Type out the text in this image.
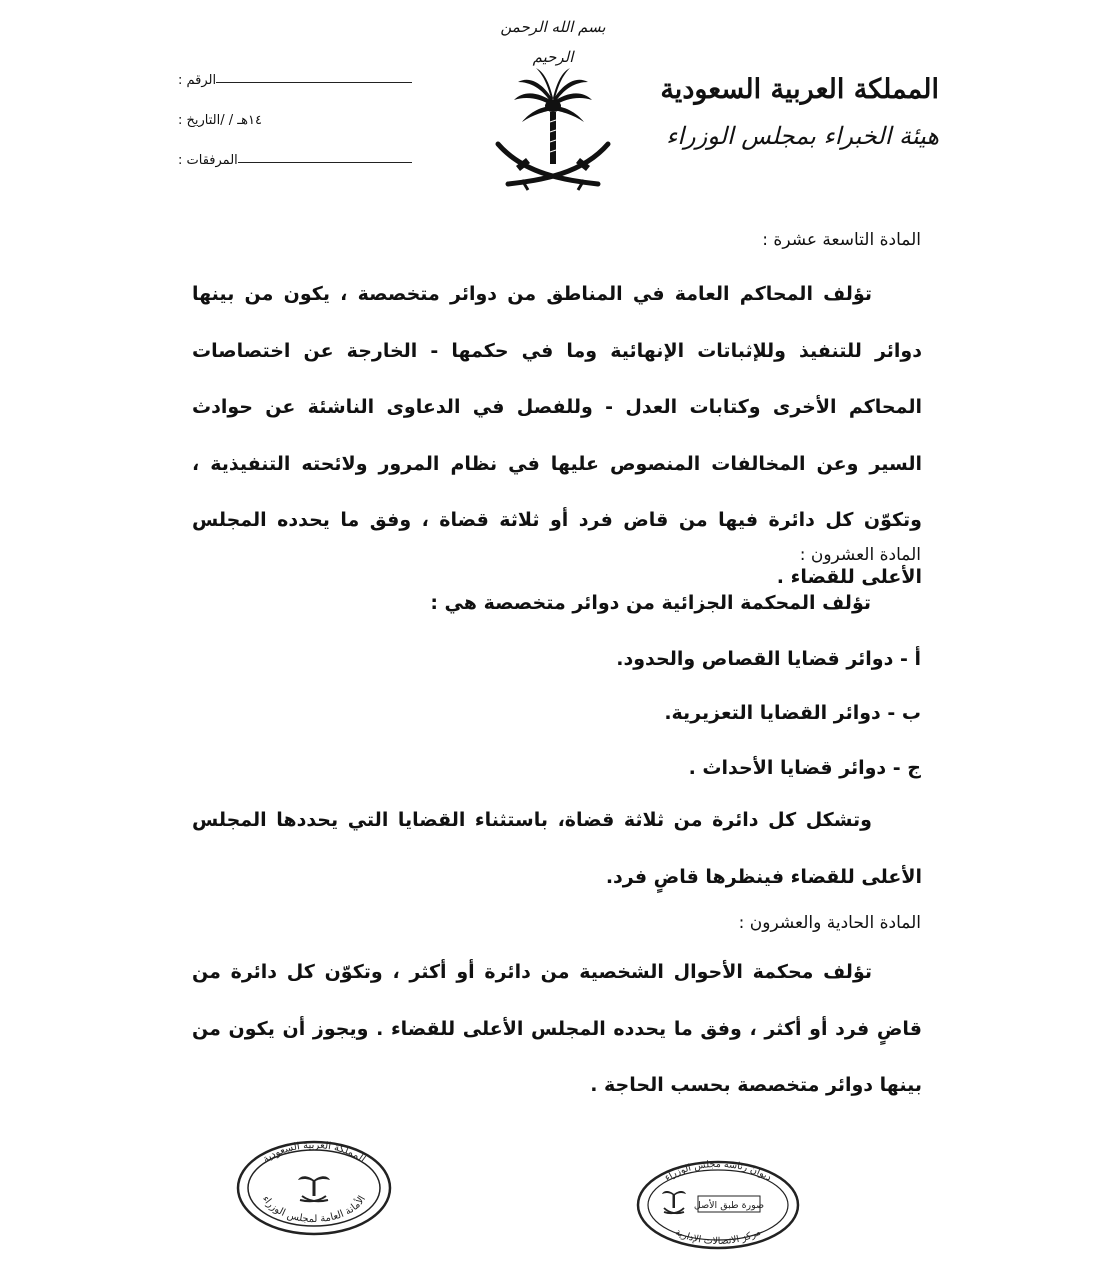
بسم الله الرحمن الرحيم
المملكة العربية السعودية
هيئة الخبراء بمجلس الوزراء
الرقم :
التاريخ : / / ١٤هـ
المرفقات :
المادة التاسعة عشرة :
تؤلف المحاكم العامة في المناطق من دوائر متخصصة ، يكون من بينها دوائر للتنفيذ وللإثباتات الإنهائية وما في حكمها - الخارجة عن اختصاصات المحاكم الأخرى وكتابات العدل - وللفصل في الدعاوى الناشئة عن حوادث السير وعن المخالفات المنصوص عليها في نظام المرور ولائحته التنفيذية ، وتكوّن كل دائرة فيها من قاض فرد أو ثلاثة قضاة ، وفق ما يحدده المجلس الأعلى للقضاء .
المادة العشرون :
تؤلف المحكمة الجزائية من دوائر متخصصة هي :
أ - دوائر قضايا القصاص والحدود.
ب - دوائر القضايا التعزيرية.
ج - دوائر قضايا الأحداث .
وتشكل كل دائرة من ثلاثة قضاة، باستثناء القضايا التي يحددها المجلس الأعلى للقضاء فينظرها قاضٍ فرد.
المادة الحادية والعشرون :
تؤلف محكمة الأحوال الشخصية من دائرة أو أكثر ، وتكوّن كل دائرة من قاضٍ فرد أو أكثر ، وفق ما يحدده المجلس الأعلى للقضاء . ويجوز أن يكون من بينها دوائر متخصصة بحسب الحاجة .
المملكة العربية السعودية
الأمانة العامة لمجلس الوزراء
ديوان رئاسة مجلس الوزراء
صورة طبق الأصل
مركز الاتصالات الإدارية
